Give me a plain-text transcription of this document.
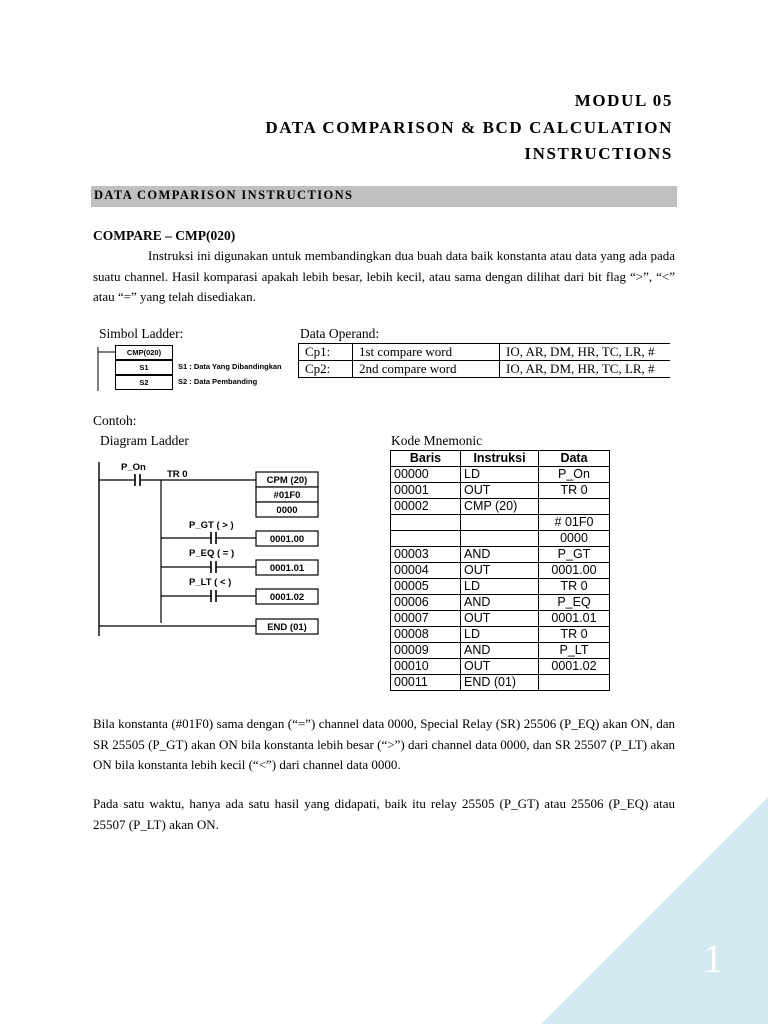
MODUL 05
DATA COMPARISON & BCD CALCULATION
INSTRUCTIONS
DATA COMPARISON INSTRUCTIONS
COMPARE – CMP(020)
Instruksi ini digunakan untuk membandingkan dua buah data baik konstanta atau data yang ada pada suatu channel. Hasil komparasi apakah lebih besar, lebih kecil, atau sama dengan dilihat dari bit flag “>”, “<” atau “=” yang telah disediakan.
Simbol Ladder:
CMP(020)
S1
S2
S1 : Data Yang Dibandingkan
S2 : Data Pembanding
Data Operand:
Cp1:	1st compare word	IO, AR, DM, HR, TC, LR, #
Cp2:	2nd compare word	IO, AR, DM, HR, TC, LR, #
Contoh:
Diagram Ladder	Kode Mnemonic
P_On
TR 0
CPM (20)
#01F0
0000
P_GT ( > )
0001.00
P_EQ ( = )
0001.01
P_LT ( < )
0001.02
END (01)
Baris	Instruksi	Data
00000	LD	P_On
00001	OUT	TR 0
00002	CMP (20)	
		# 01F0
		0000
00003	AND	P_GT
00004	OUT	0001.00
00005	LD	TR 0
00006	AND	P_EQ
00007	OUT	0001.01
00008	LD	TR 0
00009	AND	P_LT
00010	OUT	0001.02
00011	END (01)	
Bila konstanta (#01F0) sama dengan (“=”) channel data 0000, Special Relay (SR) 25506 (P_EQ) akan ON, dan SR 25505 (P_GT) akan ON bila konstanta lebih besar (“>”) dari channel data 0000, dan SR 25507 (P_LT) akan ON bila konstanta lebih kecil (“<”) dari channel data 0000.
Pada satu waktu, hanya ada satu hasil yang didapati, baik itu relay 25505 (P_GT) atau 25506 (P_EQ) atau 25507 (P_LT) akan ON.
1
